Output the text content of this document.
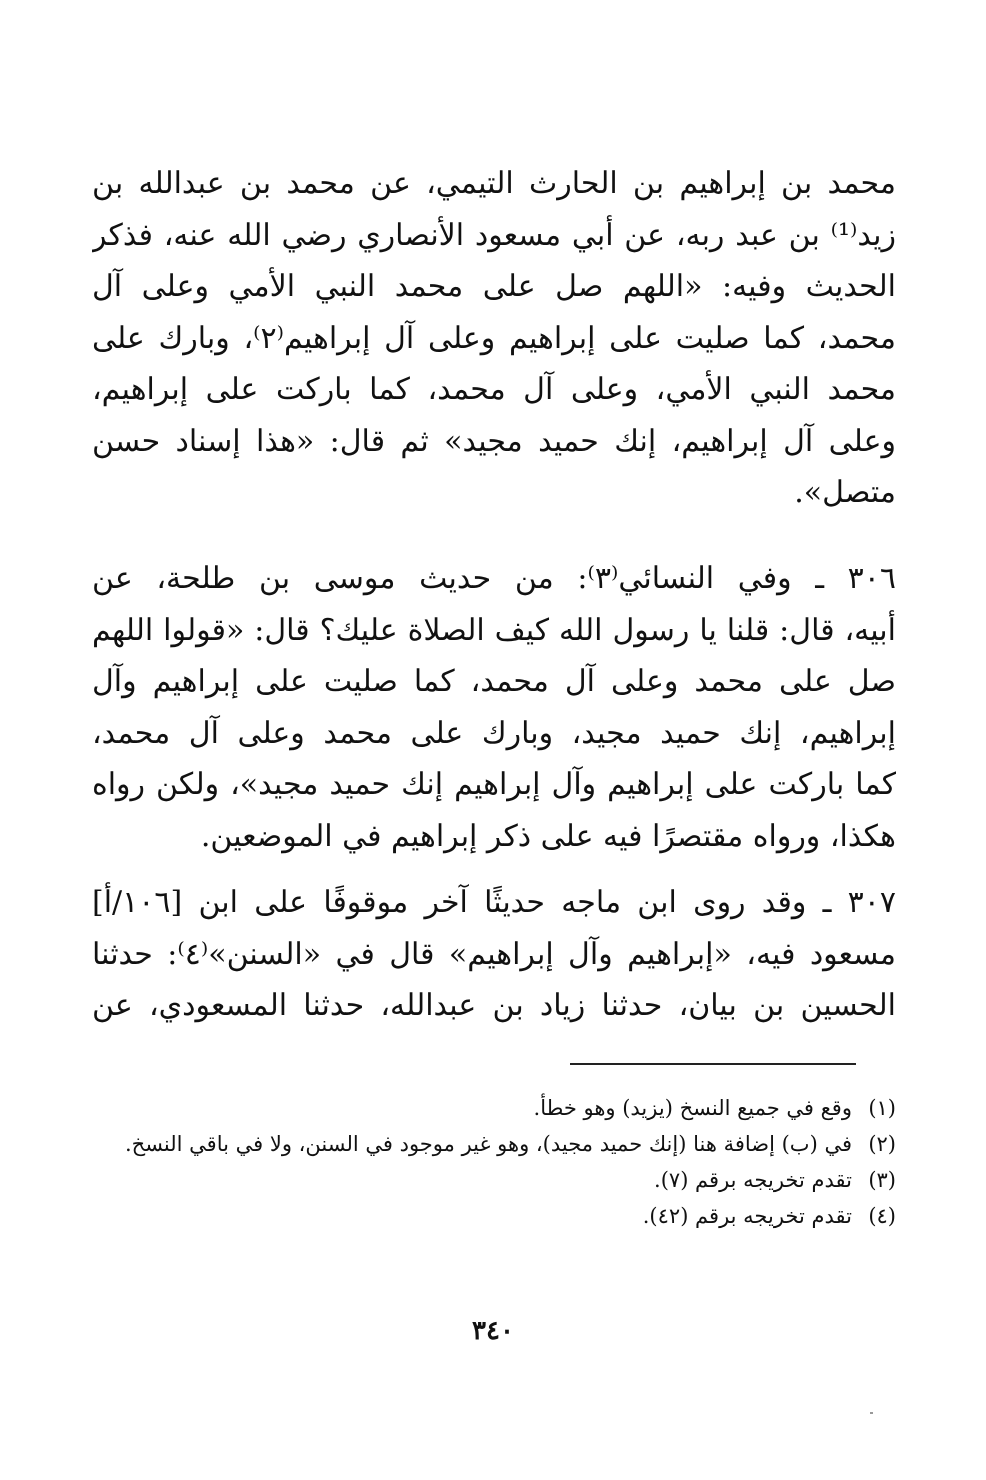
محمد بن إبراهيم بن الحارث التيمي، عن محمد بن عبدالله بن
زيد⁽¹⁾ بن عبد ربه، عن أبي مسعود الأنصاري رضي الله عنه، فذكر
الحديث وفيه: «اللهم صل على محمد النبي الأمي وعلى آل
محمد، كما صليت على إبراهيم وعلى آل إبراهيم⁽٢⁾، وبارك على
محمد النبي الأمي، وعلى آل محمد، كما باركت على إبراهيم،
وعلى آل إبراهيم، إنك حميد مجيد» ثم قال: «هذا إسناد حسن
متصل».
٣٠٦ ـ وفي النسائي⁽٣⁾: من حديث موسى بن طلحة، عن
أبيه، قال: قلنا يا رسول الله كيف الصلاة عليك؟ قال: «قولوا اللهم
صل على محمد وعلى آل محمد، كما صليت على إبراهيم وآل
إبراهيم، إنك حميد مجيد، وبارك على محمد وعلى آل محمد،
كما باركت على إبراهيم وآل إبراهيم إنك حميد مجيد»، ولكن رواه
هكذا، ورواه مقتصرًا فيه على ذكر إبراهيم في الموضعين.
٣٠٧ ـ وقد روى ابن ماجه حديثًا آخر موقوفًا على ابن [١٠٦/أ]
مسعود فيه، «إبراهيم وآل إبراهيم» قال في «السنن»⁽٤⁾: حدثنا
الحسين بن بيان، حدثنا زياد بن عبدالله، حدثنا المسعودي، عن
(١)
وقع في جميع النسخ (يزيد) وهو خطأ.
(٢)
في (ب) إضافة هنا (إنك حميد مجيد)، وهو غير موجود في السنن، ولا في باقي النسخ.
(٣)
تقدم تخريجه برقم (٧).
(٤)
تقدم تخريجه برقم (٤٢).
٣٤٠
